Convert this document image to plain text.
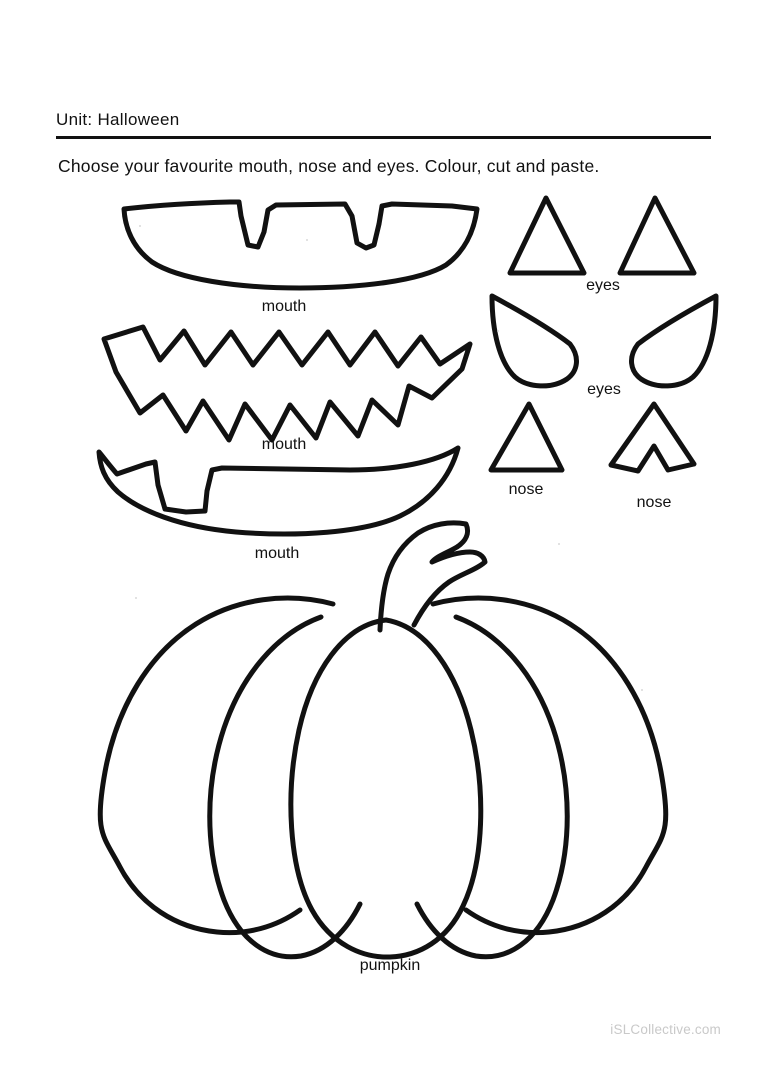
Unit: Halloween
Choose your favourite mouth, nose and eyes. Colour, cut and paste.
mouth
mouth
mouth
eyes
eyes
nose
nose
pumpkin
iSLCollective.com
